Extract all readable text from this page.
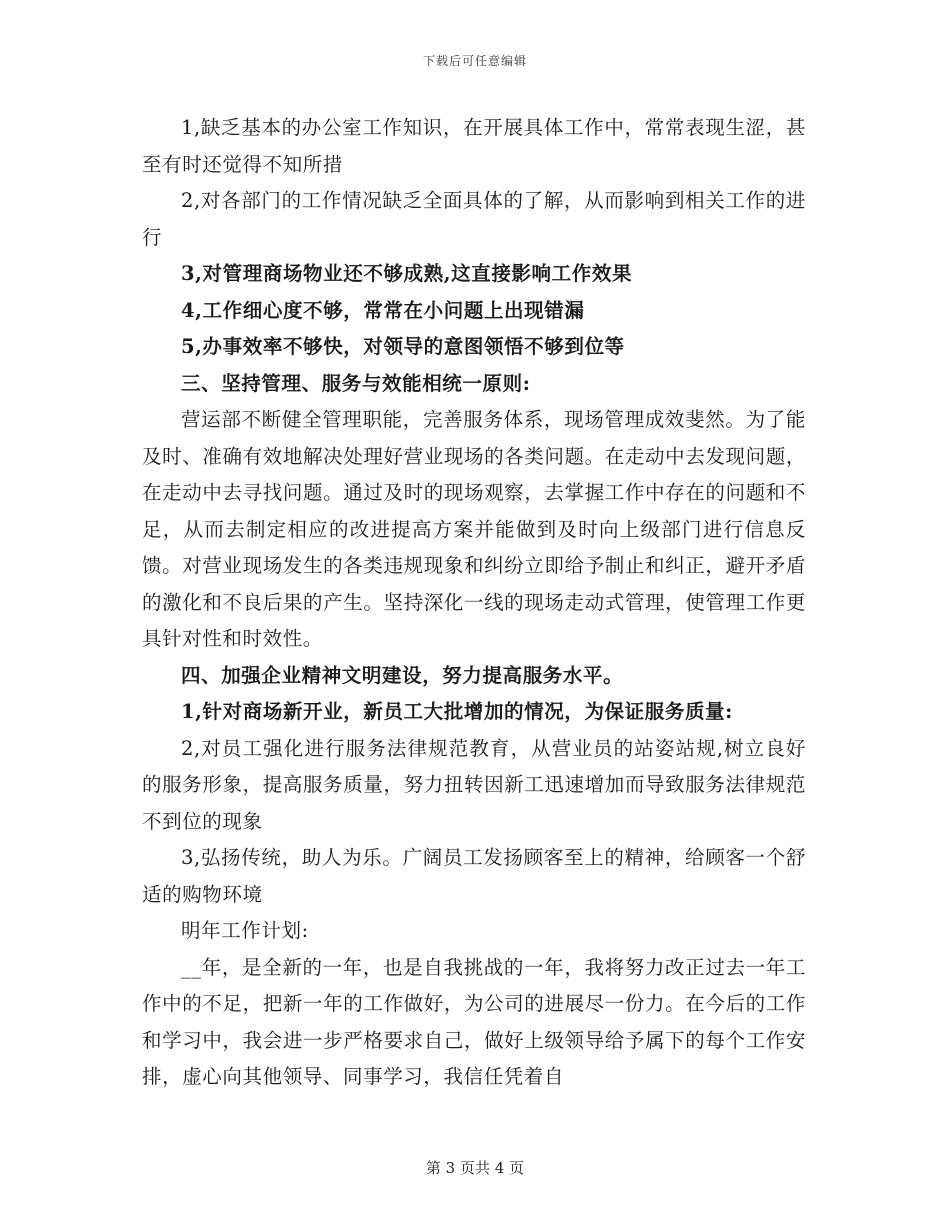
下载后可任意编辑

1,缺乏基本的办公室工作知识，在开展具体工作中，常常表现生涩，甚至有时还觉得不知所措

2,对各部门的工作情况缺乏全面具体的了解，从而影响到相关工作的进行

3,对管理商场物业还不够成熟,这直接影响工作效果

4,工作细心度不够，常常在小问题上出现错漏

5,办事效率不够快，对领导的意图领悟不够到位等

三、坚持管理、服务与效能相统一原则:

营运部不断健全管理职能，完善服务体系，现场管理成效斐然。为了能及时、准确有效地解决处理好营业现场的各类问题。在走动中去发现问题，在走动中去寻找问题。通过及时的现场观察，去掌握工作中存在的问题和不足，从而去制定相应的改进提高方案并能做到及时向上级部门进行信息反馈。对营业现场发生的各类违规现象和纠纷立即给予制止和纠正，避开矛盾的激化和不良后果的产生。坚持深化一线的现场走动式管理，使管理工作更具针对性和时效性。

四、加强企业精神文明建设，努力提高服务水平。

1,针对商场新开业，新员工大批增加的情况，为保证服务质量:

2,对员工强化进行服务法律规范教育，从营业员的站姿站规,树立良好的服务形象，提高服务质量，努力扭转因新工迅速增加而导致服务法律规范不到位的现象

3,弘扬传统，助人为乐。广阔员工发扬顾客至上的精神，给顾客一个舒适的购物环境

明年工作计划:

__年，是全新的一年，也是自我挑战的一年，我将努力改正过去一年工作中的不足，把新一年的工作做好，为公司的进展尽一份力。在今后的工作和学习中，我会进一步严格要求自己，做好上级领导给予属下的每个工作安排，虚心向其他领导、同事学习，我信任凭着自

第 3 页共 4 页
